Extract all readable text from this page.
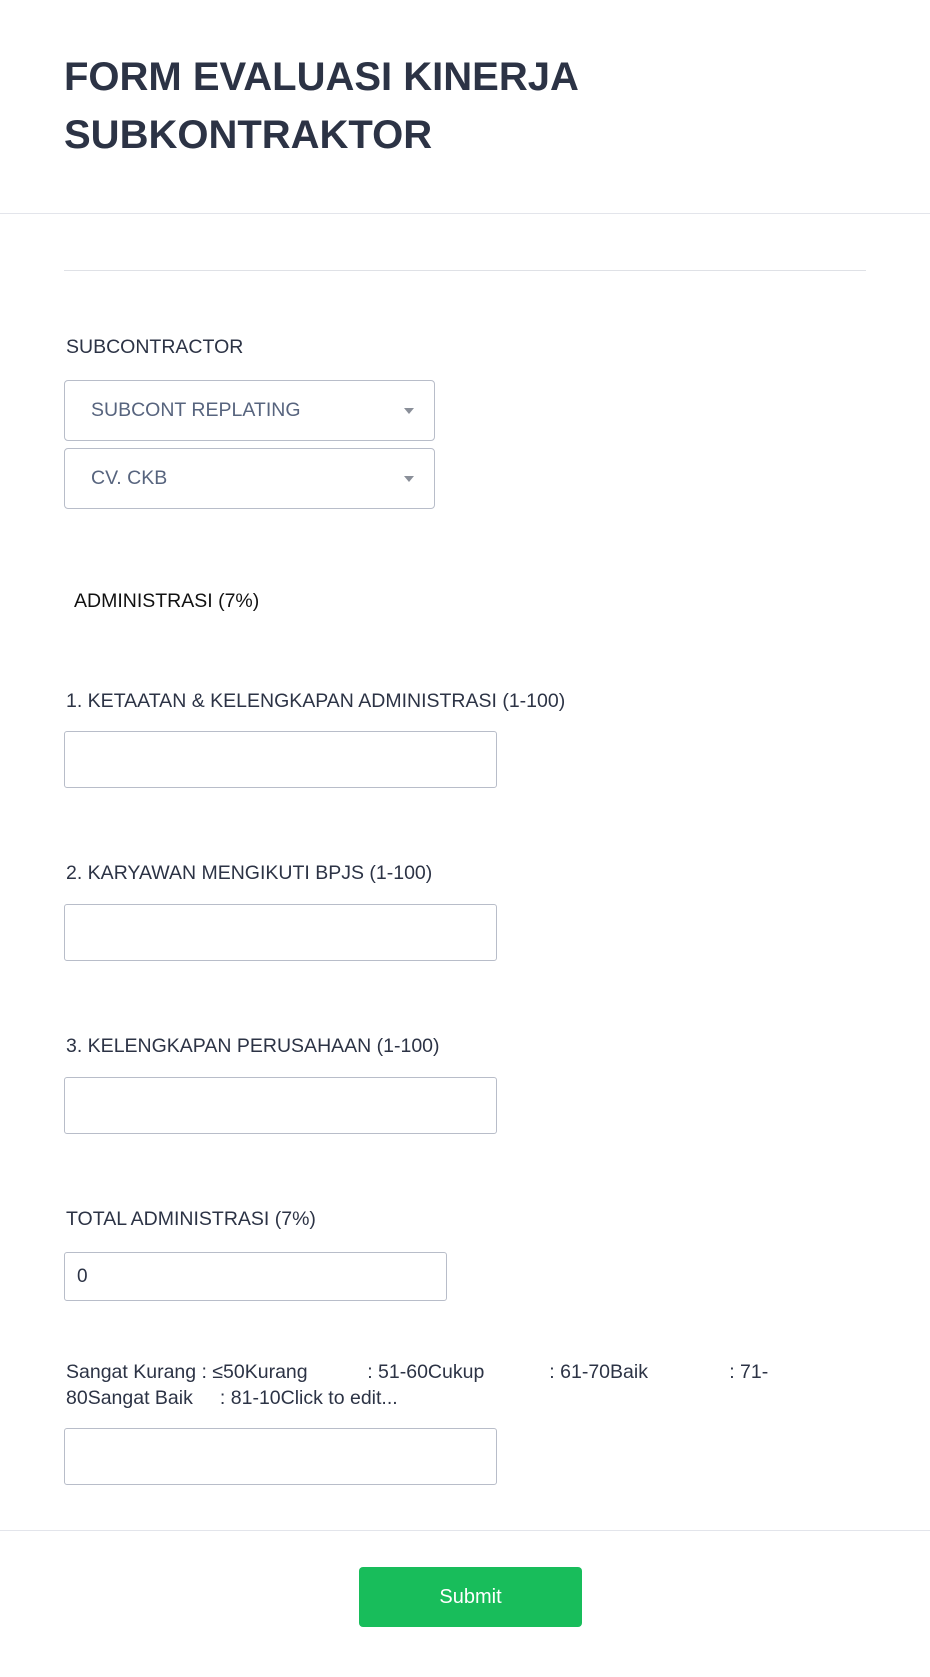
FORM EVALUASI KINERJA SUBKONTRAKTOR

SUBCONTRACTOR

SUBCONT REPLATING
CV. CKB

ADMINISTRASI (7%)

1. KETAATAN & KELENGKAPAN ADMINISTRASI (1-100)

2. KARYAWAN MENGIKUTI BPJS (1-100)

3. KELENGKAPAN PERUSAHAAN (1-100)

TOTAL ADMINISTRASI (7%)

0

Sangat Kurang : ≤50Kurang           : 51-60Cukup            : 61-70Baik               : 71-80Sangat Baik     : 81-10Click to edit...

Submit
